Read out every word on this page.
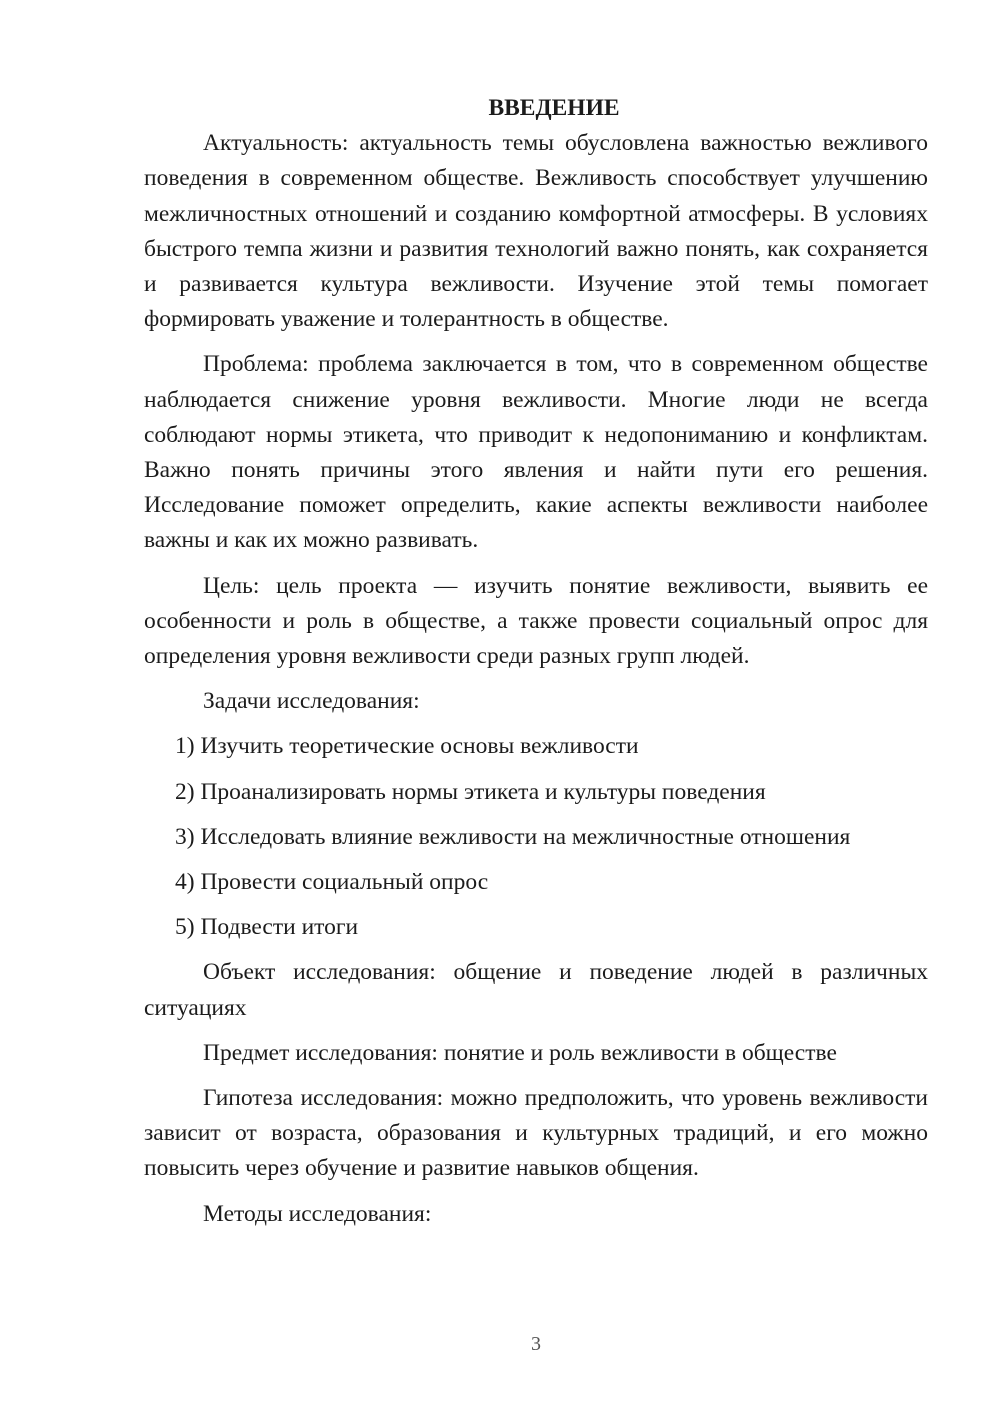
ВВЕДЕНИЕ

Актуальность: актуальность темы обусловлена важностью вежливого поведения в современном обществе. Вежливость способствует улучшению межличностных отношений и созданию комфортной атмосферы. В условиях быстрого темпа жизни и развития технологий важно понять, как сохраняется и развивается культура вежливости. Изучение этой темы помогает формировать уважение и толерантность в обществе.

Проблема: проблема заключается в том, что в современном обществе наблюдается снижение уровня вежливости. Многие люди не всегда соблюдают нормы этикета, что приводит к недопониманию и конфликтам. Важно понять причины этого явления и найти пути его решения. Исследование поможет определить, какие аспекты вежливости наиболее важны и как их можно развивать.

Цель: цель проекта — изучить понятие вежливости, выявить ее особенности и роль в обществе, а также провести социальный опрос для определения уровня вежливости среди разных групп людей.

Задачи исследования:

1) Изучить теоретические основы вежливости

2) Проанализировать нормы этикета и культуры поведения

3) Исследовать влияние вежливости на межличностные отношения

4) Провести социальный опрос

5) Подвести итоги

Объект исследования: общение и поведение людей в различных ситуациях

Предмет исследования: понятие и роль вежливости в обществе

Гипотеза исследования: можно предположить, что уровень вежливости зависит от возраста, образования и культурных традиций, и его можно повысить через обучение и развитие навыков общения.

Методы исследования:

3
